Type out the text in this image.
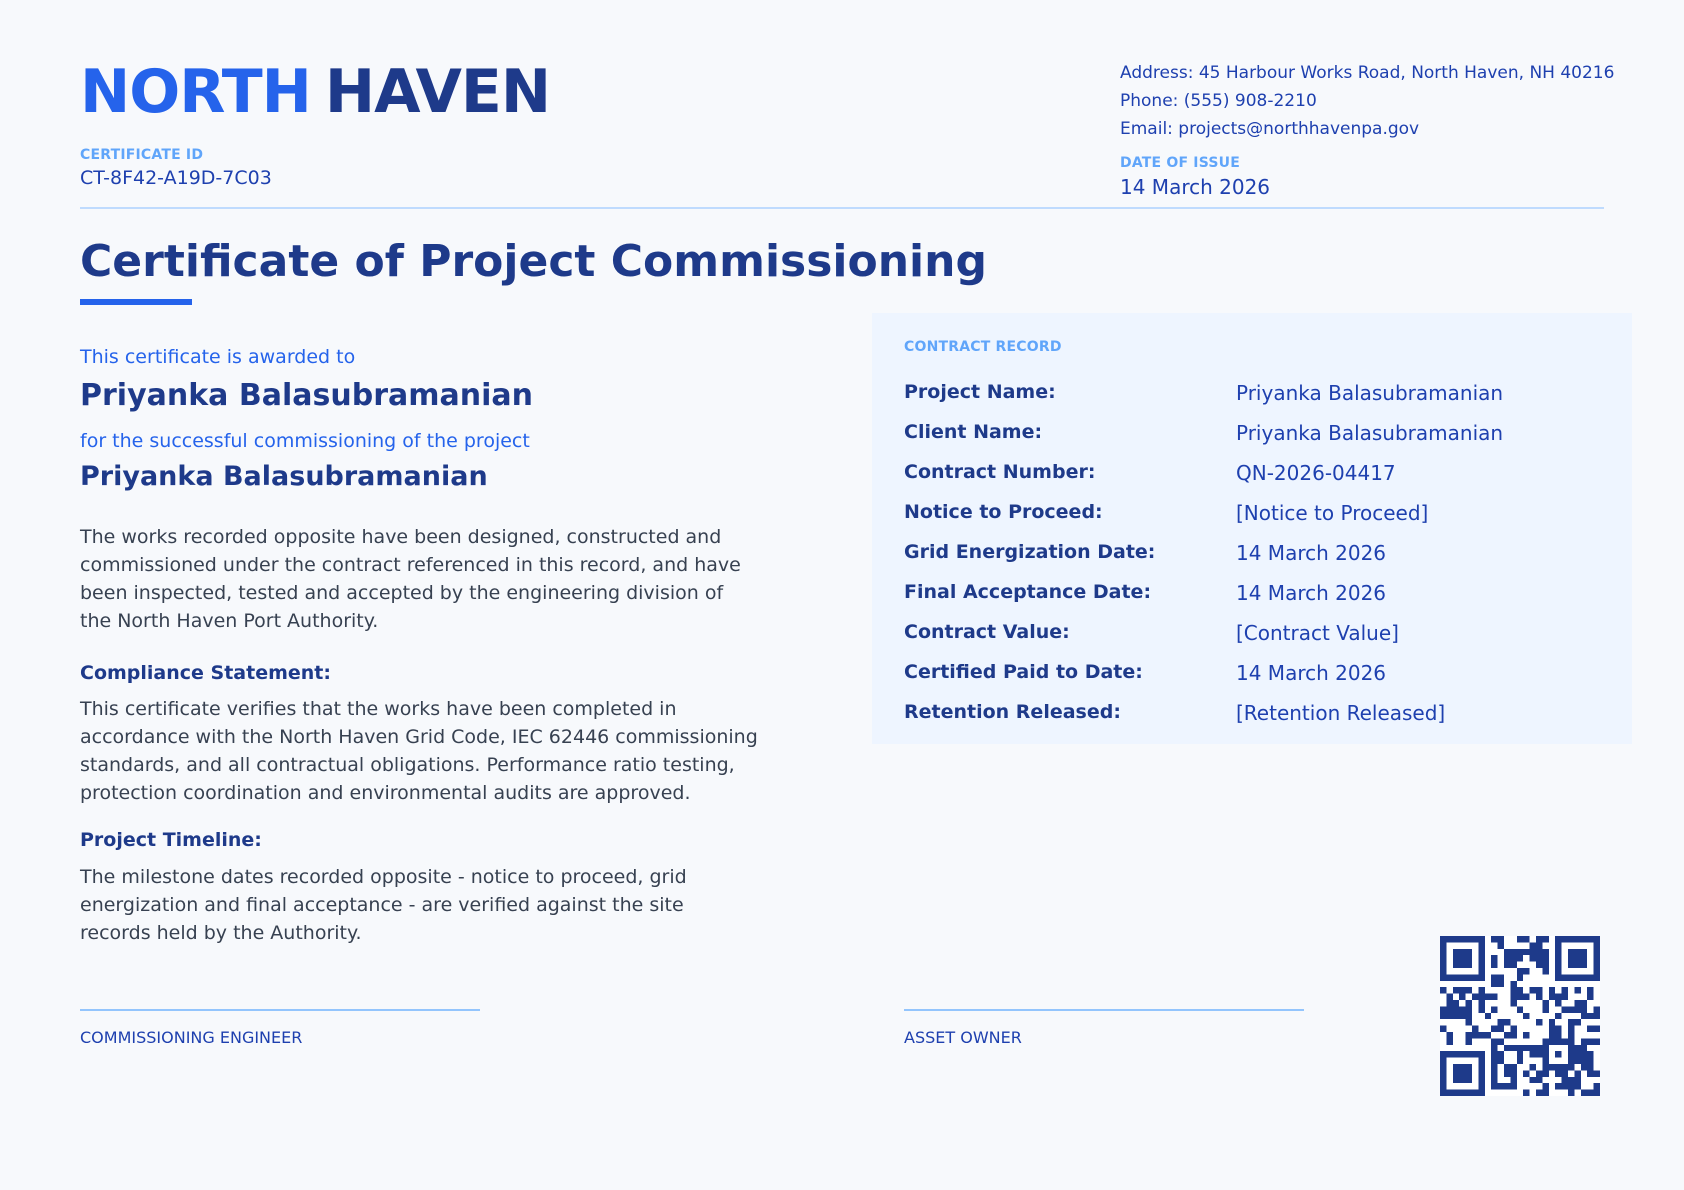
NORTH HAVEN
CERTIFICATE ID
CT-8F42-A19D-7C03
Address: 45 Harbour Works Road, North Haven, NH 40216
Phone: (555) 908-2210
Email: projects@northhavenpa.gov
DATE OF ISSUE
14 March 2026
Certificate of Project Commissioning
This certificate is awarded to
Priyanka Balasubramanian
for the successful commissioning of the project
Priyanka Balasubramanian
The works recorded opposite have been designed, constructed and commissioned under the contract referenced in this record, and have been inspected, tested and accepted by the engineering division of the North Haven Port Authority.
Compliance Statement:
This certificate verifies that the works have been completed in accordance with the North Haven Grid Code, IEC 62446 commissioning standards, and all contractual obligations. Performance ratio testing, protection coordination and environmental audits are approved.
Project Timeline:
The milestone dates recorded opposite - notice to proceed, grid energization and final acceptance - are verified against the site records held by the Authority.
CONTRACT RECORD
Project Name:	Priyanka Balasubramanian
Client Name:	Priyanka Balasubramanian
Contract Number:	QN-2026-04417
Notice to Proceed:	[Notice to Proceed]
Grid Energization Date:	14 March 2026
Final Acceptance Date:	14 March 2026
Contract Value:	[Contract Value]
Certified Paid to Date:	14 March 2026
Retention Released:	[Retention Released]
COMMISSIONING ENGINEER	ASSET OWNER
